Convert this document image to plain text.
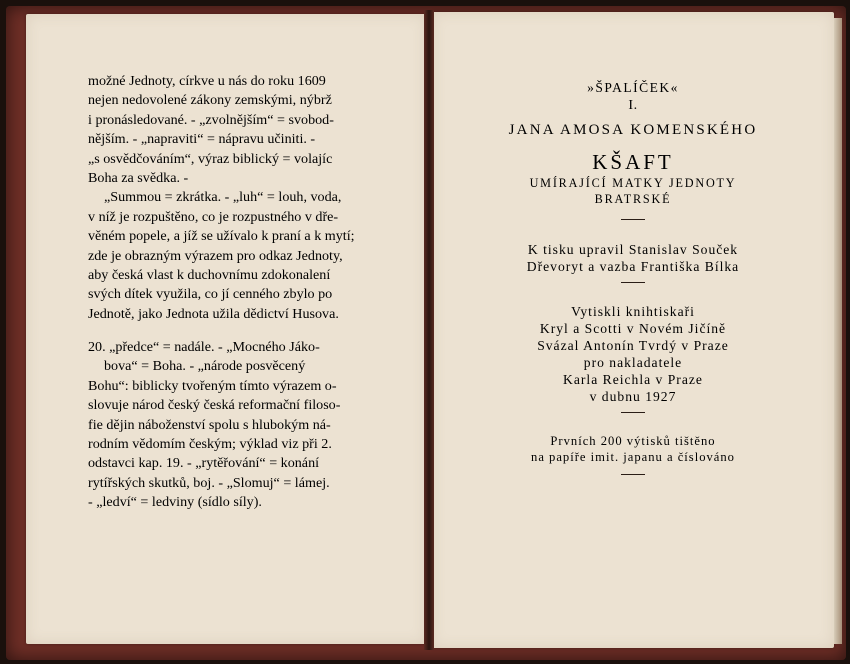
možné Jednoty, církve u nás do roku 1609
nejen nedovolené zákony zemskými, nýbrž
i pronásledované. - „zvolnějším“ = svobod-
nějším. - „napraviti“ = nápravu učiniti. -
„s osvědčováním“, výraz biblický = volajíc
Boha za svědka. -
„Summou = zkrátka. - „luh“ = louh, voda,
v níž je rozpuštěno, co je rozpustného v dře-
věném popele, a jíž se užívalo k praní a k mytí;
zde je obrazným výrazem pro odkaz Jednoty,
aby česká vlast k duchovnímu zdokonalení
svých dítek využila, co jí cenného zbylo po
Jednotě, jako Jednota užila dědictví Husova.
20. „předce“ = nadále. - „Mocného Jáko-
bova“ = Boha. - „národe posvěcený
Bohu“: biblicky tvořeným tímto výrazem o-
slovuje národ český česká reformační filoso-
fie dějin náboženství spolu s hlubokým ná-
rodním vědomím českým; výklad viz při 2.
odstavci kap. 19. - „rytěřování“ = konání
rytířských skutků, boj. - „Slomuj“ = lámej.
- „ledví“ = ledviny (sídlo síly).
»ŠPALÍČEK«
I.
JANA AMOSA KOMENSKÉHO
KŠAFT
UMÍRAJÍCÍ MATKY JEDNOTY
BRATRSKÉ
K tisku upravil Stanislav Souček
Dřevoryt a vazba Františka Bílka
Vytiskli knihtiskaři
Kryl a Scotti v Novém Jičíně
Svázal Antonín Tvrdý v Praze
pro nakladatele
Karla Reichla v Praze
v dubnu 1927
Prvních 200 výtisků tištěno
na papíře imit. japanu a číslováno
